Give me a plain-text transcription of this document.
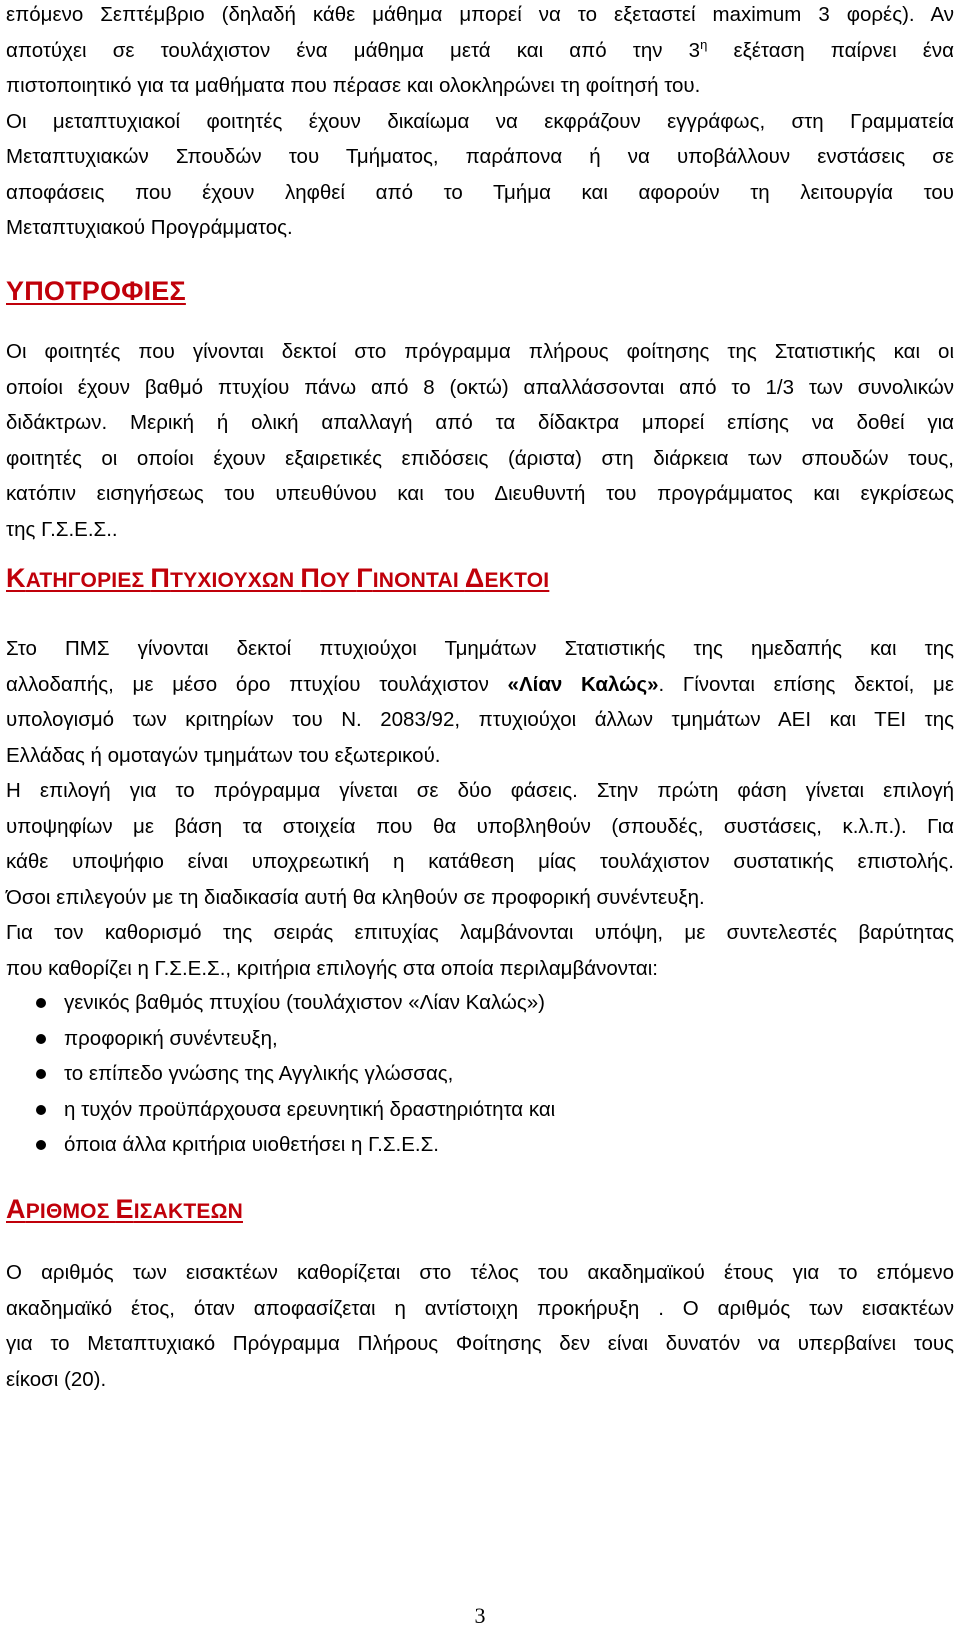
επόμενο Σεπτέμβριο (δηλαδή κάθε μάθημα μπορεί να το εξεταστεί maximum 3 φορές). Αν
αποτύχει σε τουλάχιστον ένα μάθημα μετά και από την $3^\eta$ εξέταση παίρνει ένα
πιστοποιητικό για τα μαθήματα που πέρασε και ολοκληρώνει τη φοίτησή του.
Οι μεταπτυχιακοί φοιτητές έχουν δικαίωμα να εκφράζουν εγγράφως, στη Γραμματεία
Μεταπτυχιακών Σπουδών του Τμήματος, παράπονα ή να υποβάλλουν ενστάσεις σε
αποφάσεις που έχουν ληφθεί από το Τμήμα και αφορούν τη λειτουργία του
Μεταπτυχιακού Προγράμματος.
ΥΠΟΤΡΟΦΙΕΣ
Οι φοιτητές που γίνονται δεκτοί στο πρόγραμμα πλήρους φοίτησης της Στατιστικής και οι
οποίοι έχουν βαθμό πτυχίου πάνω από 8 (οκτώ) απαλλάσσονται από το 1/3 των συνολικών
διδάκτρων. Μερική ή ολική απαλλαγή από τα δίδακτρα μπορεί επίσης να δοθεί για
φοιτητές οι οποίοι έχουν εξαιρετικές επιδόσεις (άριστα) στη διάρκεια των σπουδών τους,
κατόπιν εισηγήσεως του υπευθύνου και του Διευθυντή του προγράμματος και εγκρίσεως
της Γ.Σ.Ε.Σ..
ΚΑΤΗΓΟΡΙΕΣ ΠΤΥΧΙΟΥΧΩΝ ΠΟΥ ΓΙΝΟΝΤΑΙ ΔΕΚΤΟΙ
Στο ΠΜΣ γίνονται δεκτοί πτυχιούχοι Τμημάτων Στατιστικής της ημεδαπής και της
αλλοδαπής, με μέσο όρο πτυχίου τουλάχιστον «Λίαν Καλώς». Γίνονται επίσης δεκτοί, με
υπολογισμό των κριτηρίων του Ν. 2083/92, πτυχιούχοι άλλων τμημάτων ΑΕΙ και ΤΕΙ της
Ελλάδας ή ομοταγών τμημάτων του εξωτερικού.
Η επιλογή για το πρόγραμμα γίνεται σε δύο φάσεις. Στην πρώτη φάση γίνεται επιλογή
υποψηφίων με βάση τα στοιχεία που θα υποβληθούν (σπουδές, συστάσεις, κ.λ.π.). Για
κάθε υποψήφιο είναι υποχρεωτική η κατάθεση μίας τουλάχιστον συστατικής επιστολής.
Όσοι επιλεγούν με τη διαδικασία αυτή θα κληθούν σε προφορική συνέντευξη.
Για τον καθορισμό της σειράς επιτυχίας λαμβάνονται υπόψη, με συντελεστές βαρύτητας
που καθορίζει η Γ.Σ.Ε.Σ., κριτήρια επιλογής στα οποία περιλαμβάνονται:
γενικός βαθμός πτυχίου (τουλάχιστον «Λίαν Καλώς»)
προφορική συνέντευξη,
το επίπεδο γνώσης της Αγγλικής γλώσσας,
η τυχόν προϋπάρχουσα ερευνητική δραστηριότητα και
όποια άλλα κριτήρια υιοθετήσει η Γ.Σ.Ε.Σ.
ΑΡΙΘΜΟΣ ΕΙΣΑΚΤΕΩΝ
Ο αριθμός των εισακτέων καθορίζεται στο τέλος του ακαδημαϊκού έτους για το επόμενο
ακαδημαϊκό έτος, όταν αποφασίζεται η αντίστοιχη προκήρυξη . Ο αριθμός των εισακτέων
για το Μεταπτυχιακό Πρόγραμμα Πλήρους Φοίτησης δεν είναι δυνατόν να υπερβαίνει τους
είκοσι (20).
3
